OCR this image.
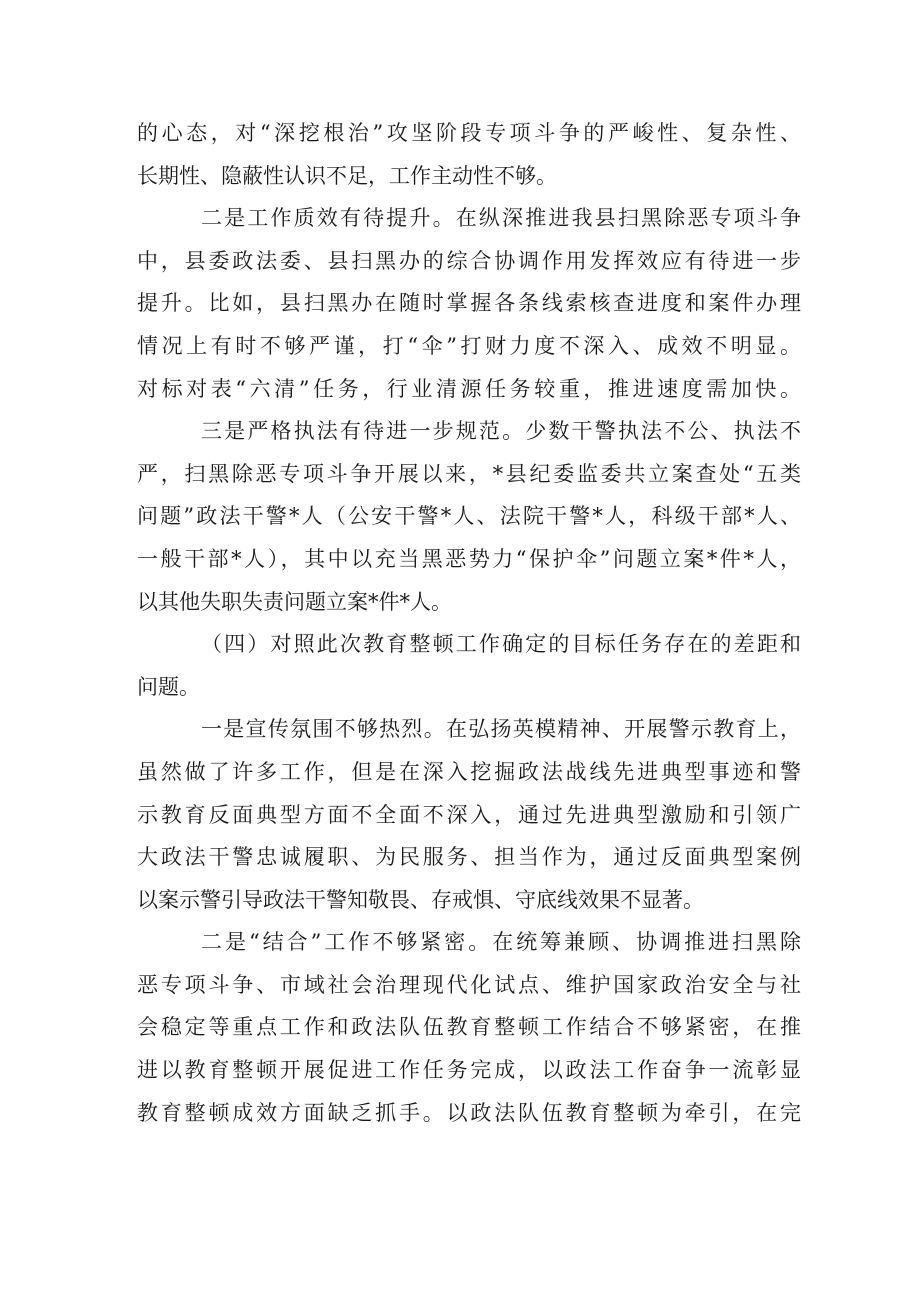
的心态，对“深挖根治”攻坚阶段专项斗争的严峻性、复杂性、
长期性、隐蔽性认识不足，工作主动性不够。
二是工作质效有待提升。在纵深推进我县扫黑除恶专项斗争
中，县委政法委、县扫黑办的综合协调作用发挥效应有待进一步
提升。比如，县扫黑办在随时掌握各条线索核查进度和案件办理
情况上有时不够严谨，打“伞”打财力度不深入、成效不明显。
对标对表“六清”任务，行业清源任务较重，推进速度需加快。
三是严格执法有待进一步规范。少数干警执法不公、执法不
严，扫黑除恶专项斗争开展以来，*县纪委监委共立案查处“五类
问题”政法干警*人（公安干警*人、法院干警*人，科级干部*人、
一般干部*人），其中以充当黑恶势力“保护伞”问题立案*件*人，
以其他失职失责问题立案*件*人。
（四）对照此次教育整顿工作确定的目标任务存在的差距和
问题。
一是宣传氛围不够热烈。在弘扬英模精神、开展警示教育上，
虽然做了许多工作，但是在深入挖掘政法战线先进典型事迹和警
示教育反面典型方面不全面不深入，通过先进典型激励和引领广
大政法干警忠诚履职、为民服务、担当作为，通过反面典型案例
以案示警引导政法干警知敬畏、存戒惧、守底线效果不显著。
二是“结合”工作不够紧密。在统筹兼顾、协调推进扫黑除
恶专项斗争、市域社会治理现代化试点、维护国家政治安全与社
会稳定等重点工作和政法队伍教育整顿工作结合不够紧密，在推
进以教育整顿开展促进工作任务完成，以政法工作奋争一流彰显
教育整顿成效方面缺乏抓手。以政法队伍教育整顿为牵引，在完
